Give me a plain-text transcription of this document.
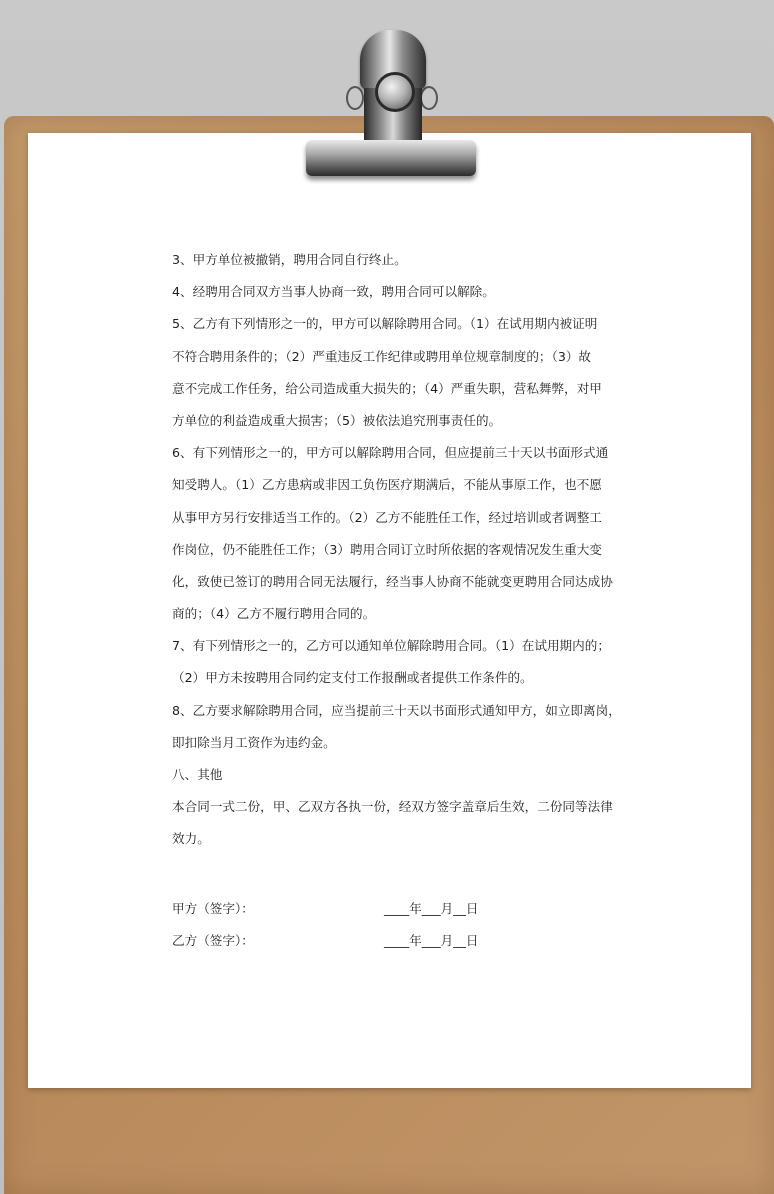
3、甲方单位被撤销，聘用合同自行终止。
4、经聘用合同双方当事人协商一致，聘用合同可以解除。
5、乙方有下列情形之一的，甲方可以解除聘用合同。（1）在试用期内被证明
不符合聘用条件的；（2）严重违反工作纪律或聘用单位规章制度的；（3）故
意不完成工作任务，给公司造成重大损失的；（4）严重失职，营私舞弊，对甲
方单位的利益造成重大损害；（5）被依法追究刑事责任的。
6、有下列情形之一的，甲方可以解除聘用合同，但应提前三十天以书面形式通
知受聘人。（1）乙方患病或非因工负伤医疗期满后，不能从事原工作，也不愿
从事甲方另行安排适当工作的。（2）乙方不能胜任工作，经过培训或者调整工
作岗位，仍不能胜任工作；（3）聘用合同订立时所依据的客观情况发生重大变
化，致使已签订的聘用合同无法履行，经当事人协商不能就变更聘用合同达成协
商的；（4）乙方不履行聘用合同的。
7、有下列情形之一的，乙方可以通知单位解除聘用合同。（1）在试用期内的；
（2）甲方未按聘用合同约定支付工作报酬或者提供工作条件的。
8、乙方要求解除聘用合同，应当提前三十天以书面形式通知甲方，如立即离岗，
即扣除当月工资作为违约金。
八、其他
本合同一式二份，甲、乙双方各执一份，经双方签字盖章后生效，二份同等法律
效力。
甲方（签字）：	____年___月__日
乙方（签字）：	____年___月__日
